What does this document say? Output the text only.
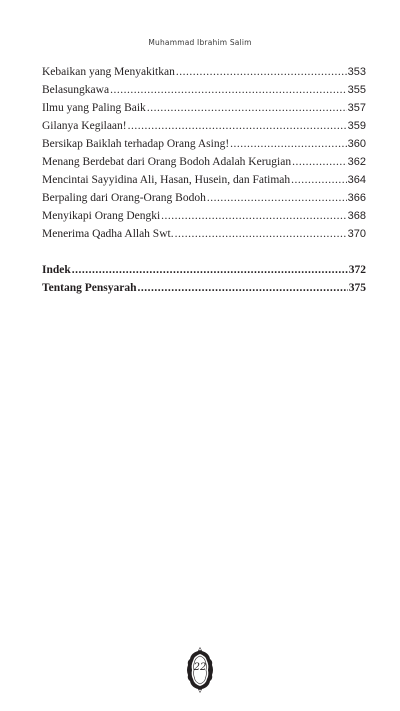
Muhammad Ibrahim Salim
Kebaikan yang Menyakitkan .....	353
Belasungkawa .....	355
Ilmu yang Paling Baik .....	357
Gilanya Kegilaan! .....	359
Bersikap Baiklah terhadap Orang Asing! .....	360
Menang Berdebat dari Orang Bodoh Adalah Kerugian .....	362
Mencintai Sayyidina Ali, Hasan, Husein, dan Fatimah .....	364
Berpaling dari Orang-Orang Bodoh .....	366
Menyikapi Orang Dengki .....	368
Menerima Qadha Allah Swt. .....	370
Indek .....	372
Tentang Pensyarah .....	375
22
